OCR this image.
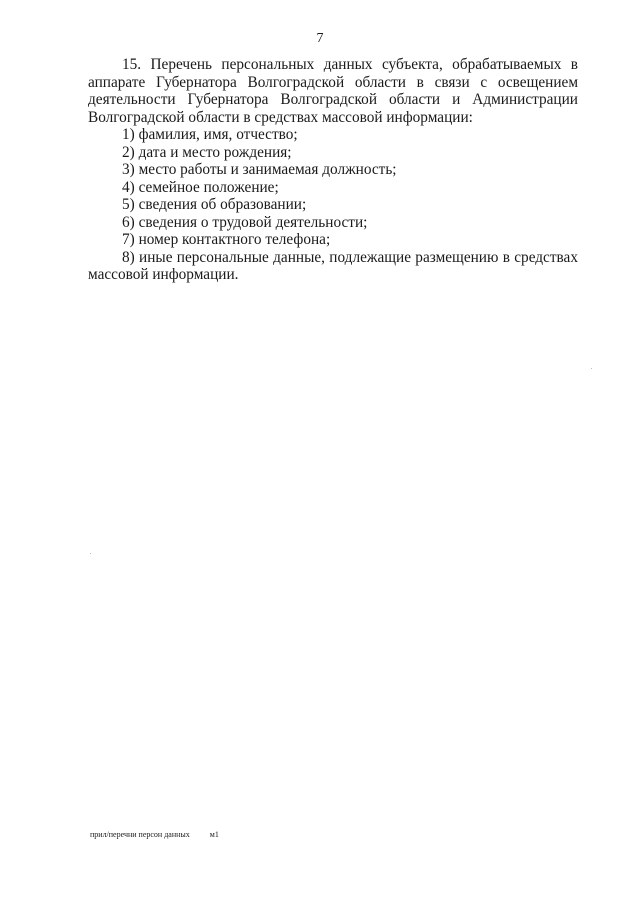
7

15. Перечень персональных данных субъекта, обрабатываемых в аппарате Губернатора Волгоградской области в связи с освещением деятельности Губернатора Волгоградской области и Администрации Волгоградской области в средствах массовой информации:

1) фамилия, имя, отчество;

2) дата и место рождения;

3) место работы и занимаемая должность;

4) семейное положение;

5) сведения об образовании;

6) сведения о трудовой деятельности;

7) номер контактного телефона;

8) иные персональные данные, подлежащие размещению в средствах массовой информации.

прил/перечни персон данных	м1
